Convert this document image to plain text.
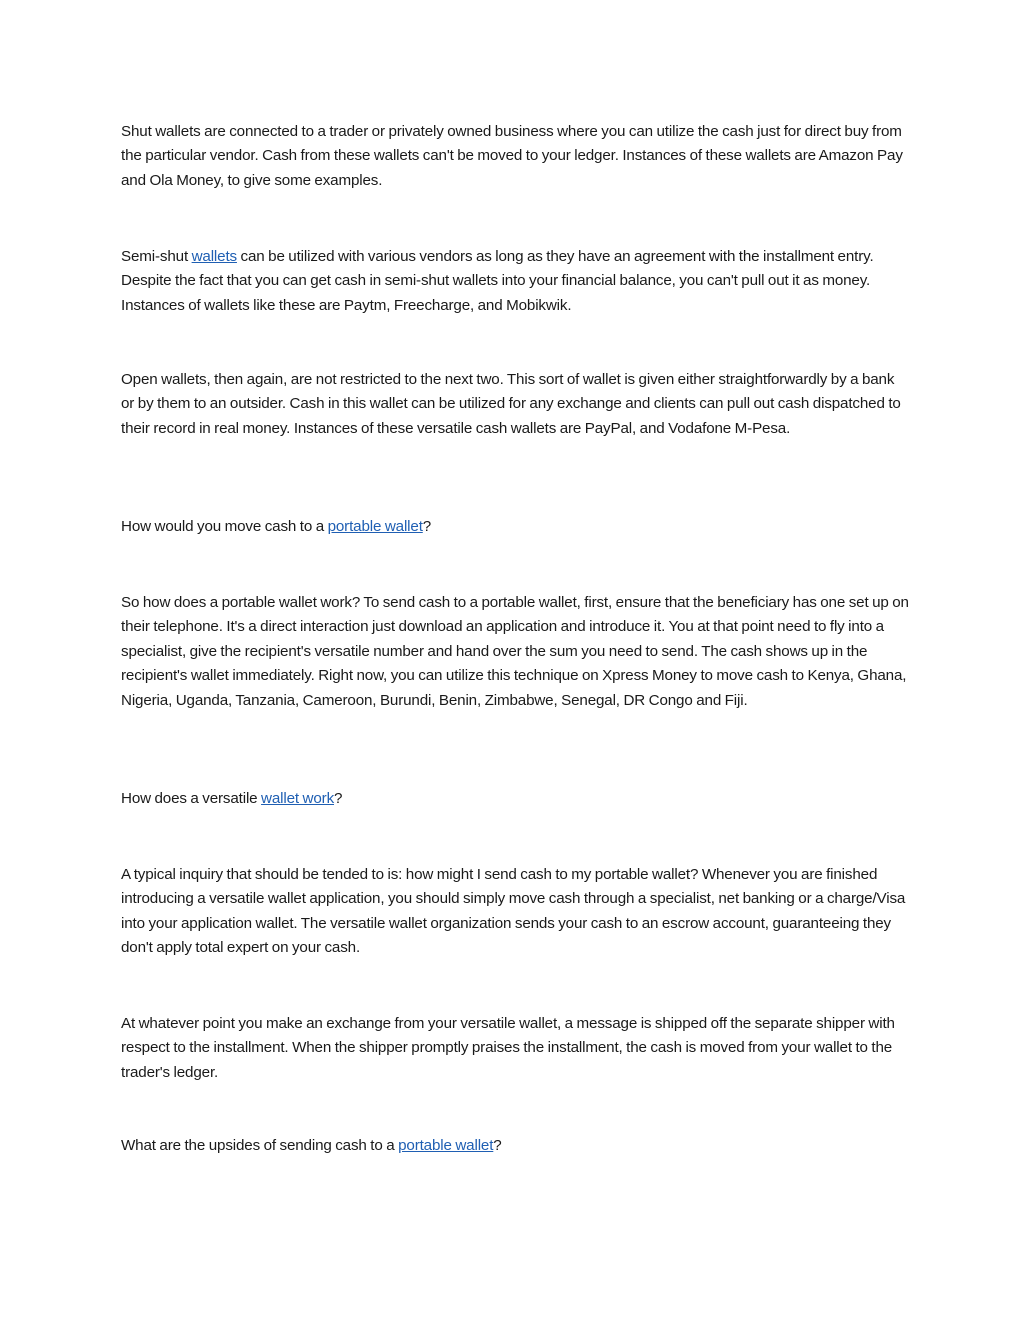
Shut wallets are connected to a trader or privately owned business where you can utilize the cash just for direct buy from the particular vendor. Cash from these wallets can't be moved to your ledger. Instances of these wallets are Amazon Pay and Ola Money, to give some examples.

Semi-shut wallets can be utilized with various vendors as long as they have an agreement with the installment entry. Despite the fact that you can get cash in semi-shut wallets into your financial balance, you can't pull out it as money. Instances of wallets like these are Paytm, Freecharge, and Mobikwik.

Open wallets, then again, are not restricted to the next two. This sort of wallet is given either straightforwardly by a bank or by them to an outsider. Cash in this wallet can be utilized for any exchange and clients can pull out cash dispatched to their record in real money. Instances of these versatile cash wallets are PayPal, and Vodafone M-Pesa.

How would you move cash to a portable wallet?

So how does a portable wallet work? To send cash to a portable wallet, first, ensure that the beneficiary has one set up on their telephone. It's a direct interaction just download an application and introduce it. You at that point need to fly into a specialist, give the recipient's versatile number and hand over the sum you need to send. The cash shows up in the recipient's wallet immediately. Right now, you can utilize this technique on Xpress Money to move cash to Kenya, Ghana, Nigeria, Uganda, Tanzania, Cameroon, Burundi, Benin, Zimbabwe, Senegal, DR Congo and Fiji.

How does a versatile wallet work?

A typical inquiry that should be tended to is: how might I send cash to my portable wallet? Whenever you are finished introducing a versatile wallet application, you should simply move cash through a specialist, net banking or a charge/Visa into your application wallet. The versatile wallet organization sends your cash to an escrow account, guaranteeing they don't apply total expert on your cash.

At whatever point you make an exchange from your versatile wallet, a message is shipped off the separate shipper with respect to the installment. When the shipper promptly praises the installment, the cash is moved from your wallet to the trader's ledger.

What are the upsides of sending cash to a portable wallet?
